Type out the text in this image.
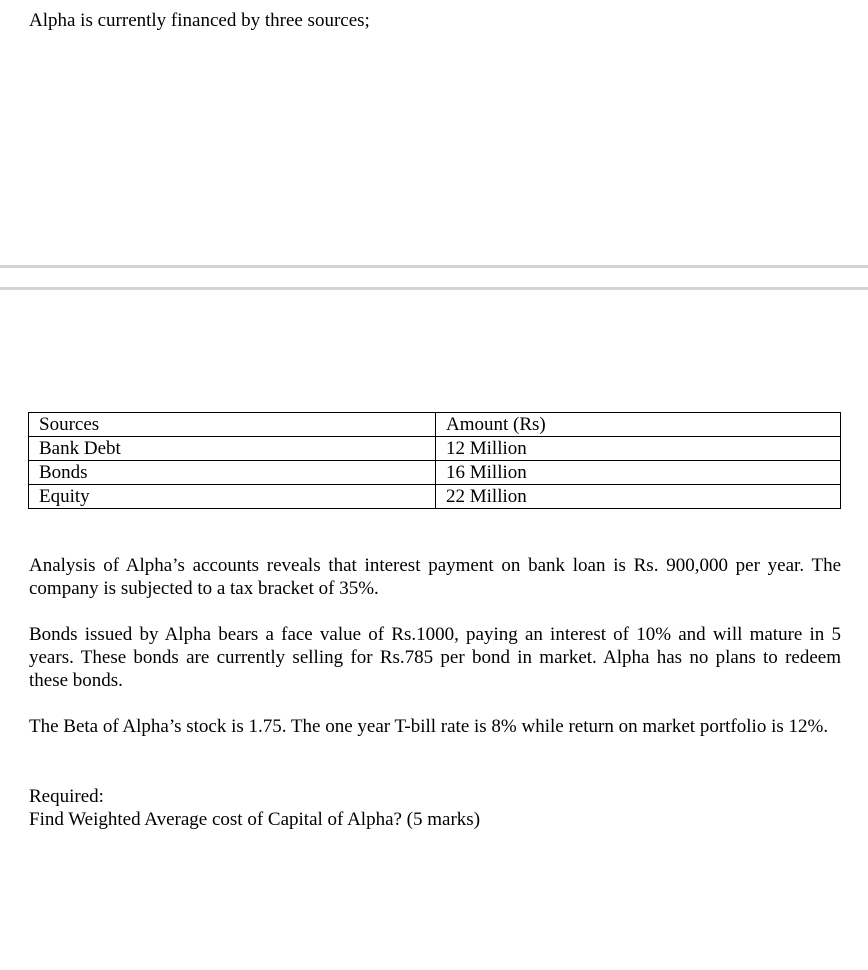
Alpha is currently financed by three sources;

Sources	Amount (Rs)
Bank Debt	12 Million
Bonds	16 Million
Equity	22 Million

Analysis of Alpha’s accounts reveals that interest payment on bank loan is Rs. 900,000 per year. The company is subjected to a tax bracket of 35%.

Bonds issued by Alpha bears a face value of Rs.1000, paying an interest of 10% and will mature in 5 years. These bonds are currently selling for Rs.785 per bond in market. Alpha has no plans to redeem these bonds.

The Beta of Alpha’s stock is 1.75. The one year T-bill rate is 8% while return on market portfolio is 12%.

Required:
Find Weighted Average cost of Capital of Alpha? (5 marks)
